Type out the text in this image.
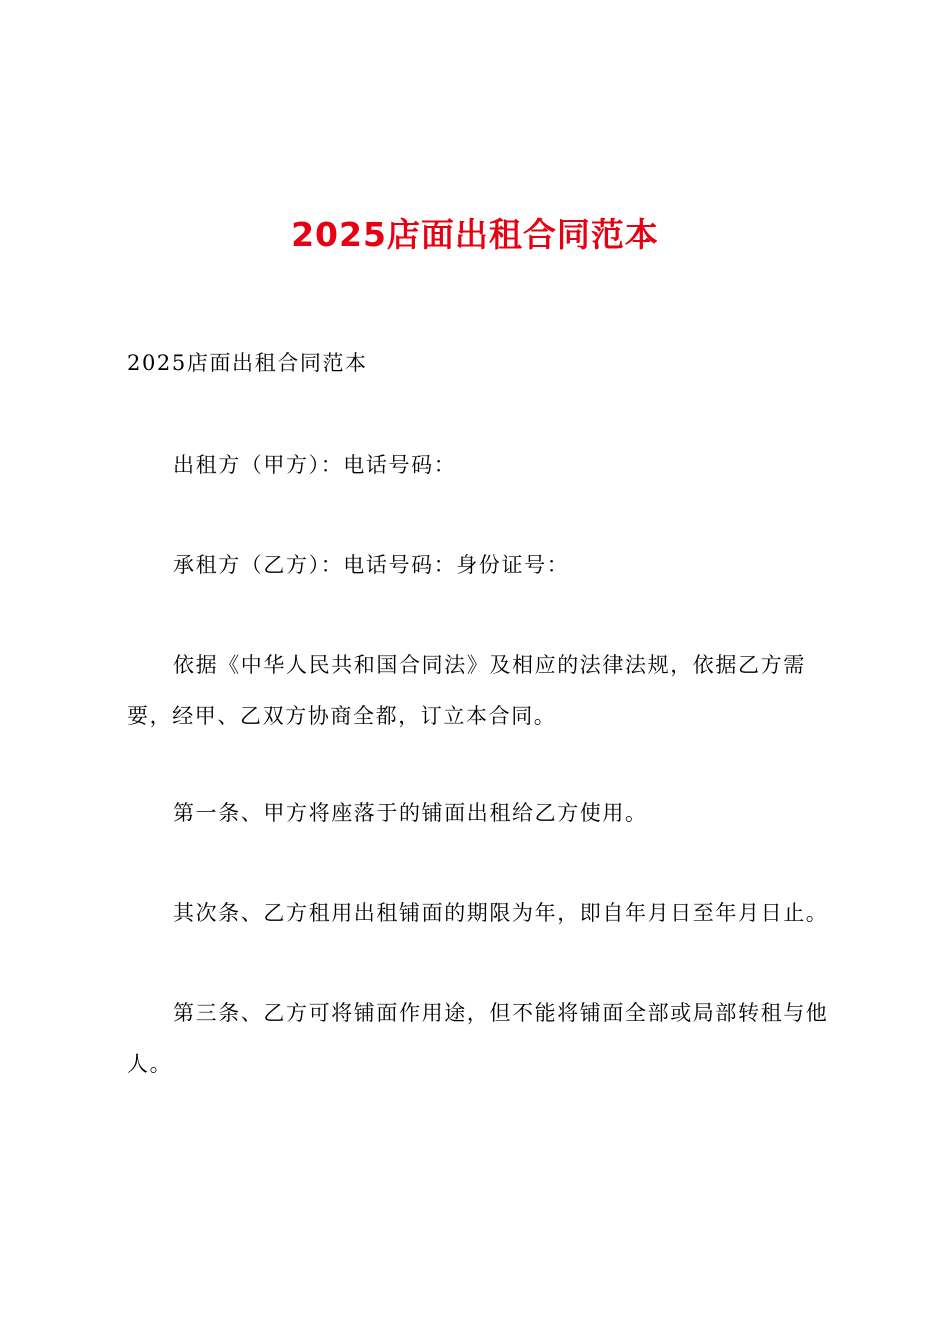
2025店面出租合同范本

2025店面出租合同范本

出租方（甲方）：电话号码：

承租方（乙方）：电话号码：身份证号：

依据《中华人民共和国合同法》及相应的法律法规，依据乙方需
要，经甲、乙双方协商全都，订立本合同。

第一条、甲方将座落于的铺面出租给乙方使用。

其次条、乙方租用出租铺面的期限为年，即自年月日至年月日止。

第三条、乙方可将铺面作用途，但不能将铺面全部或局部转租与他
人。
